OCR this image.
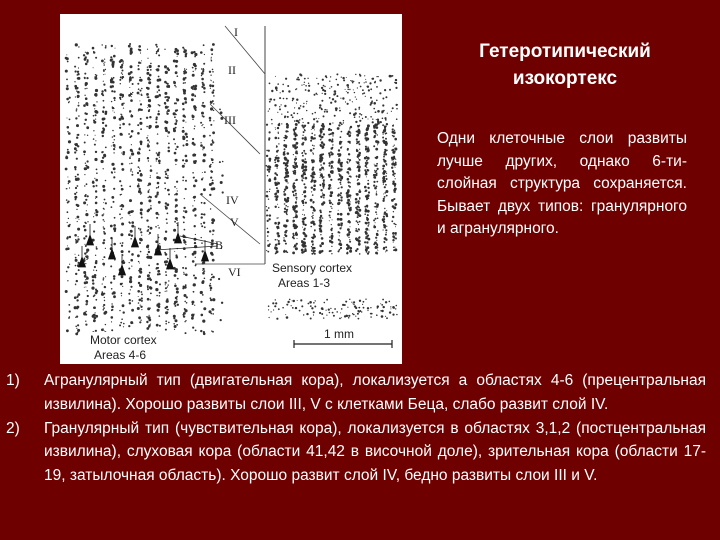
I
II
III
IV
V
B
VI	Sensory cortex
Areas 1-3
Motor cortex
Areas 4-6
1 mm
Гетеротипический
изокортекс

Одни клеточные слои развиты лучше других, однако 6-ти-слойная структура сохраняется. Бывает двух типов: гранулярного и агранулярного.

1) Агранулярный тип (двигательная кора), локализуется а областях 4-6 (прецентральная извилина). Хорошо развиты слои III, V с клетками Беца, слабо развит слой IV.
2) Гранулярный тип (чувствительная кора), локализуется в областях 3,1,2 (постцентральная извилина), слуховая кора (области 41,42 в височной доле), зрительная кора (области 17-19, затылочная область). Хорошо развит слой IV, бедно развиты слои III и V.
